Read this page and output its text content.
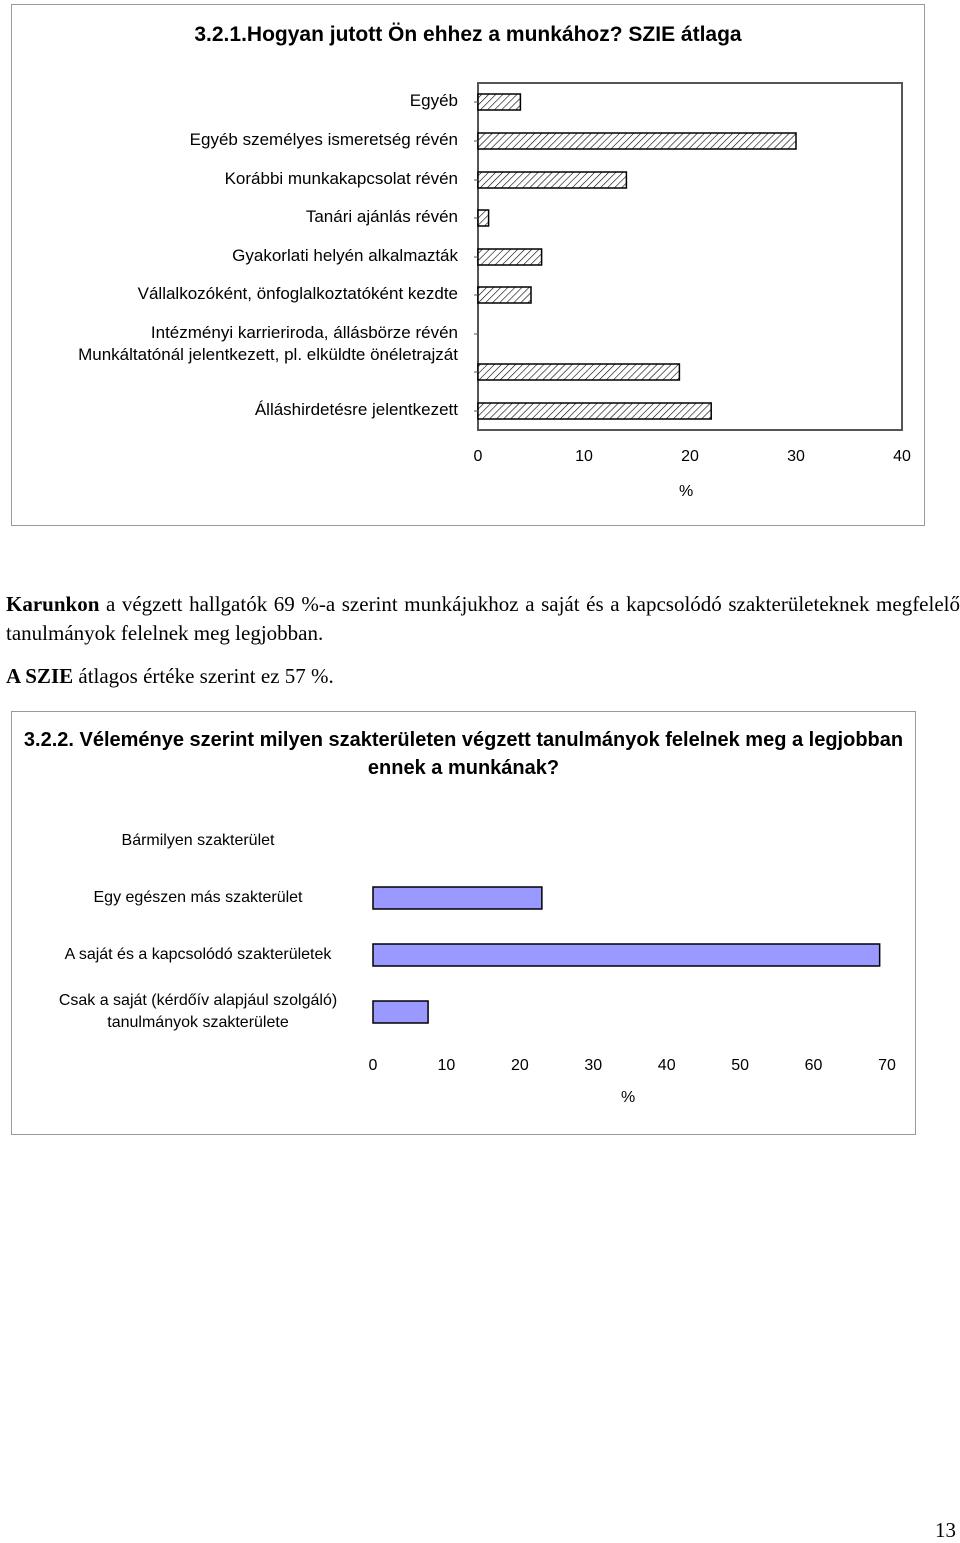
3.2.1.Hogyan jutott Ön ehhez a munkához? SZIE átlaga
Egyéb
Egyéb személyes ismeretség révén
Korábbi munkakapcsolat révén
Tanári ajánlás révén
Gyakorlati helyén alkalmazták
Vállalkozóként, önfoglalkoztatóként kezdte
Intézményi karrieriroda, állásbörze révén
Munkáltatónál jelentkezett, pl. elküldte önéletrajzát
Álláshirdetésre jelentkezett
0	10	20	30	40
%
Karunkon a végzett hallgatók 69 %-a szerint munkájukhoz a saját és a kapcsolódó szakterületeknek megfelelő tanulmányok felelnek meg legjobban.
A SZIE átlagos értéke szerint ez 57 %.
3.2.2. Véleménye szerint milyen szakterületen végzett tanulmányok felelnek meg a legjobban ennek a munkának?
Bármilyen szakterület
Egy egészen más szakterület
A saját és a kapcsolódó szakterületek
Csak a saját (kérdőív alapjául szolgáló)
tanulmányok szakterülete
0	10	20	30	40	50	60	70
%
13
